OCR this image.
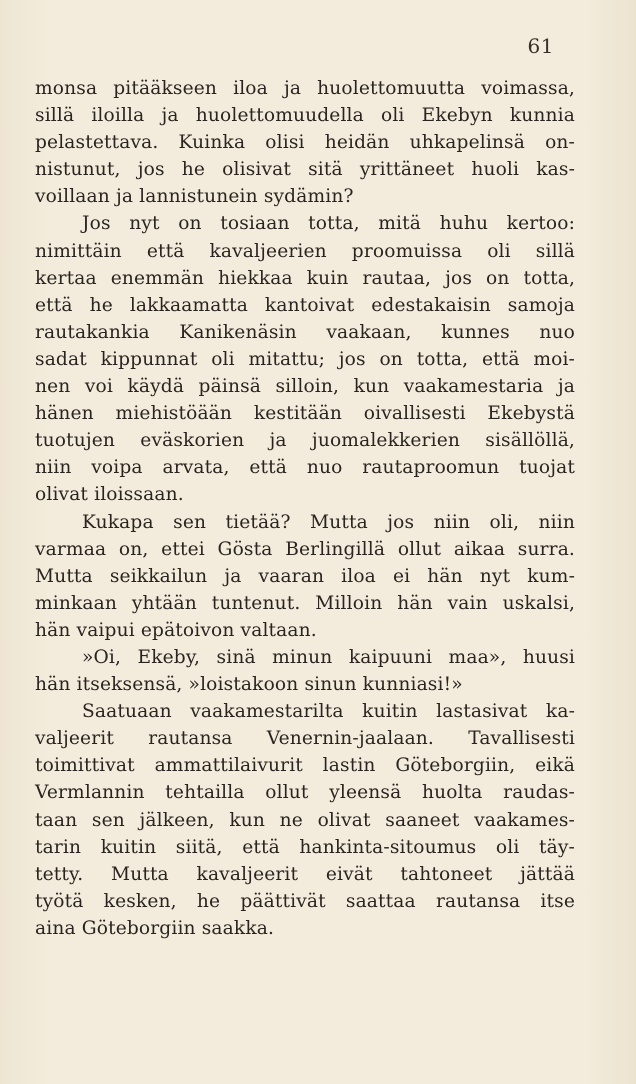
61
monsa pitääkseen iloa ja huolettomuutta voimassa,
sillä iloilla ja huolettomuudella oli Ekebyn kunnia
pelastettava. Kuinka olisi heidän uhkapelinsä on-
nistunut, jos he olisivat sitä yrittäneet huoli kas-
voillaan ja lannistunein sydämin?
Jos nyt on tosiaan totta, mitä huhu kertoo:
nimittäin että kavaljeerien proomuissa oli sillä
kertaa enemmän hiekkaa kuin rautaa, jos on totta,
että he lakkaamatta kantoivat edestakaisin samoja
rautakankia Kanikenäsin vaakaan, kunnes nuo
sadat kippunnat oli mitattu; jos on totta, että moi-
nen voi käydä päinsä silloin, kun vaakamestaria ja
hänen miehistöään kestitään oivallisesti Ekebystä
tuotujen eväskorien ja juomalekkerien sisällöllä,
niin voipa arvata, että nuo rautaproomun tuojat
olivat iloissaan.
Kukapa sen tietää? Mutta jos niin oli, niin
varmaa on, ettei Gösta Berlingillä ollut aikaa surra.
Mutta seikkailun ja vaaran iloa ei hän nyt kum-
minkaan yhtään tuntenut. Milloin hän vain uskalsi,
hän vaipui epätoivon valtaan.
»Oi, Ekeby, sinä minun kaipuuni maa», huusi
hän itseksensä, »loistakoon sinun kunniasi!»
Saatuaan vaakamestarilta kuitin lastasivat ka-
valjeerit rautansa Venernin-jaalaan. Tavallisesti
toimittivat ammattilaivurit lastin Göteborgiin, eikä
Vermlannin tehtailla ollut yleensä huolta raudas-
taan sen jälkeen, kun ne olivat saaneet vaakames-
tarin kuitin siitä, että hankinta-sitoumus oli täy-
tetty. Mutta kavaljeerit eivät tahtoneet jättää
työtä kesken, he päättivät saattaa rautansa itse
aina Göteborgiin saakka.
